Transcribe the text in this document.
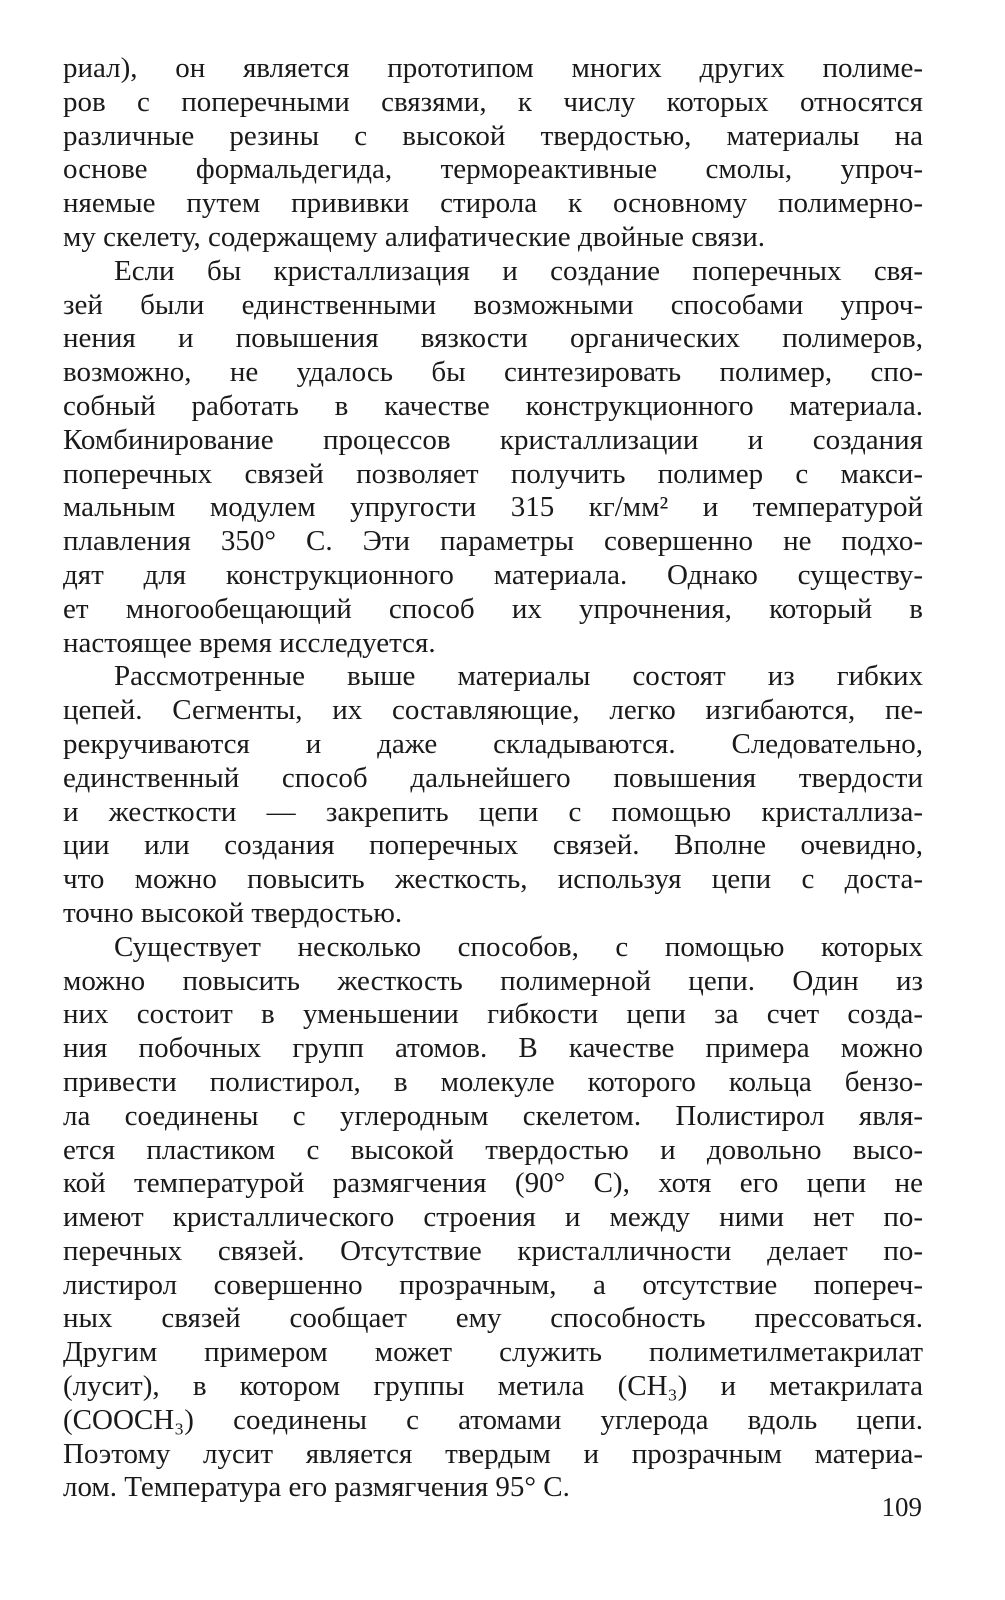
риал), он является прототипом многих других полиме-
ров с поперечными связями, к числу которых относятся
различные резины с высокой твердостью, материалы на
основе формальдегида, термореактивные смолы, упроч-
няемые путем прививки стирола к основному полимерно-
му скелету, содержащему алифатические двойные связи.

Если бы кристаллизация и создание поперечных свя-
зей были единственными возможными способами упроч-
нения и повышения вязкости органических полимеров,
возможно, не удалось бы синтезировать полимер, спо-
собный работать в качестве конструкционного материала.
Комбинирование процессов кристаллизации и создания
поперечных связей позволяет получить полимер с макси-
мальным модулем упругости 315 кг/мм² и температурой
плавления 350° С. Эти параметры совершенно не подхо-
дят для конструкционного материала. Однако существу-
ет многообещающий способ их упрочнения, который в
настоящее время исследуется.

Рассмотренные выше материалы состоят из гибких
цепей. Сегменты, их составляющие, легко изгибаются, пе-
рекручиваются и даже складываются. Следовательно,
единственный способ дальнейшего повышения твердости
и жесткости — закрепить цепи с помощью кристаллиза-
ции или создания поперечных связей. Вполне очевидно,
что можно повысить жесткость, используя цепи с доста-
точно высокой твердостью.

Существует несколько способов, с помощью которых
можно повысить жесткость полимерной цепи. Один из
них состоит в уменьшении гибкости цепи за счет созда-
ния побочных групп атомов. В качестве примера можно
привести полистирол, в молекуле которого кольца бензо-
ла соединены с углеродным скелетом. Полистирол явля-
ется пластиком с высокой твердостью и довольно высо-
кой температурой размягчения (90° С), хотя его цепи не
имеют кристаллического строения и между ними нет по-
перечных связей. Отсутствие кристалличности делает по-
листирол совершенно прозрачным, а отсутствие попереч-
ных связей сообщает ему способность прессоваться.
Другим примером может служить полиметилметакрилат
(лусит), в котором группы метила (CH₃) и метакрилата
(COOCH₃) соединены с атомами углерода вдоль цепи.
Поэтому лусит является твердым и прозрачным материа-
лом. Температура его размягчения 95° С.

109
